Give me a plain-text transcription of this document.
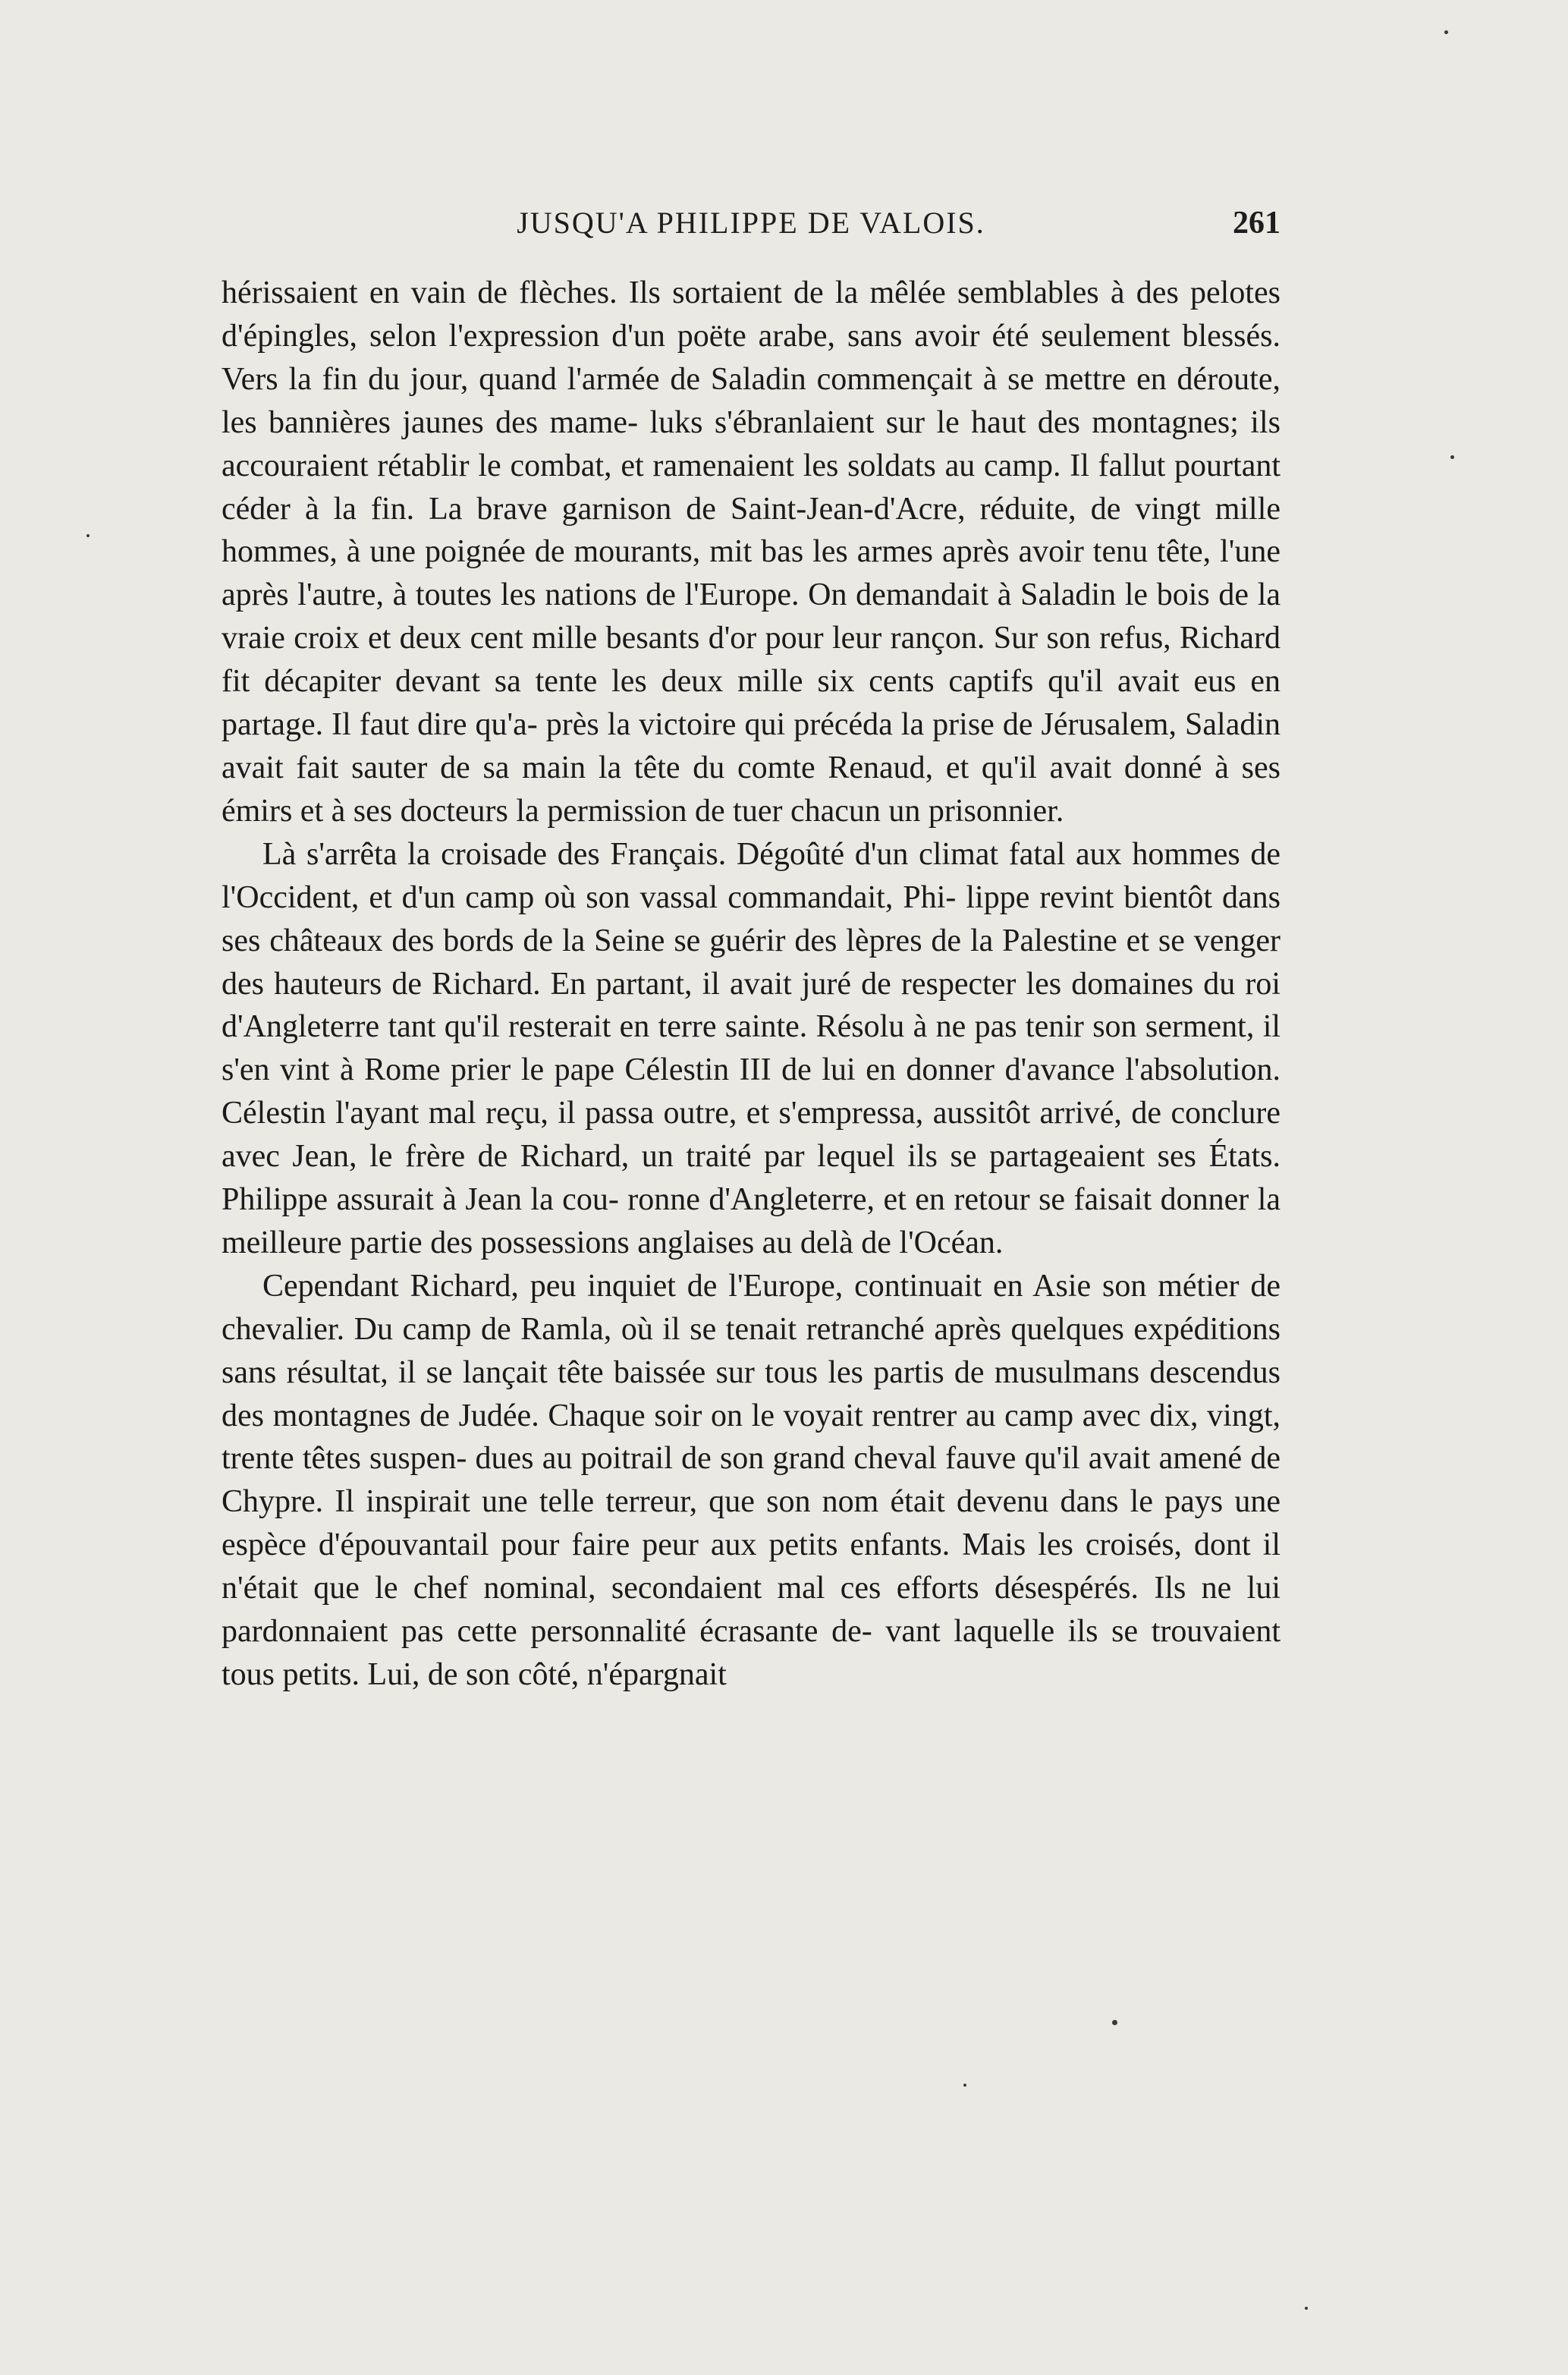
JUSQU'A PHILIPPE DE VALOIS.	261

hérissaient en vain de flèches. Ils sortaient de la mêlée semblables à des pelotes d'épingles, selon l'expression d'un poëte arabe, sans avoir été seulement blessés. Vers la fin du jour, quand l'armée de Saladin commençait à se mettre en déroute, les bannières jaunes des mame- luks s'ébranlaient sur le haut des montagnes; ils accouraient rétablir le combat, et ramenaient les soldats au camp. Il fallut pourtant céder à la fin. La brave garnison de Saint-Jean-d'Acre, réduite, de vingt mille hommes, à une poignée de mourants, mit bas les armes après avoir tenu tête, l'une après l'autre, à toutes les nations de l'Europe. On demandait à Saladin le bois de la vraie croix et deux cent mille besants d'or pour leur rançon. Sur son refus, Richard fit décapiter devant sa tente les deux mille six cents captifs qu'il avait eus en partage. Il faut dire qu'a- près la victoire qui précéda la prise de Jérusalem, Saladin avait fait sauter de sa main la tête du comte Renaud, et qu'il avait donné à ses émirs et à ses docteurs la permission de tuer chacun un prisonnier.

Là s'arrêta la croisade des Français. Dégoûté d'un climat fatal aux hommes de l'Occident, et d'un camp où son vassal commandait, Phi- lippe revint bientôt dans ses châteaux des bords de la Seine se guérir des lèpres de la Palestine et se venger des hauteurs de Richard. En partant, il avait juré de respecter les domaines du roi d'Angleterre tant qu'il resterait en terre sainte. Résolu à ne pas tenir son serment, il s'en vint à Rome prier le pape Célestin III de lui en donner d'avance l'absolution. Célestin l'ayant mal reçu, il passa outre, et s'empressa, aussitôt arrivé, de conclure avec Jean, le frère de Richard, un traité par lequel ils se partageaient ses États. Philippe assurait à Jean la cou- ronne d'Angleterre, et en retour se faisait donner la meilleure partie des possessions anglaises au delà de l'Océan.

Cependant Richard, peu inquiet de l'Europe, continuait en Asie son métier de chevalier. Du camp de Ramla, où il se tenait retranché après quelques expéditions sans résultat, il se lançait tête baissée sur tous les partis de musulmans descendus des montagnes de Judée. Chaque soir on le voyait rentrer au camp avec dix, vingt, trente têtes suspen- dues au poitrail de son grand cheval fauve qu'il avait amené de Chypre. Il inspirait une telle terreur, que son nom était devenu dans le pays une espèce d'épouvantail pour faire peur aux petits enfants. Mais les croisés, dont il n'était que le chef nominal, secondaient mal ces efforts désespérés. Ils ne lui pardonnaient pas cette personnalité écrasante de- vant laquelle ils se trouvaient tous petits. Lui, de son côté, n'épargnait
